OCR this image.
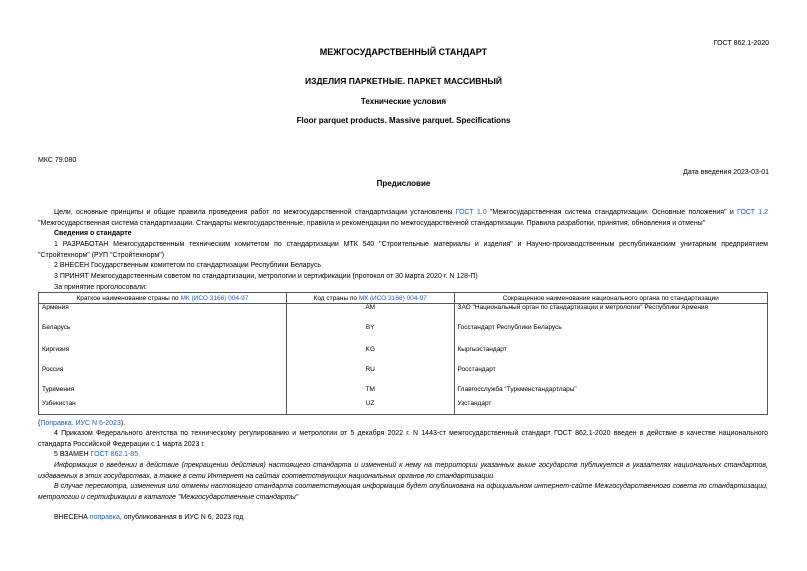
ГОСТ 862.1-2020
МЕЖГОСУДАРСТВЕННЫЙ СТАНДАРТ
ИЗДЕЛИЯ ПАРКЕТНЫЕ. ПАРКЕТ МАССИВНЫЙ
Технические условия
Floor parquet products. Massive parquet. Specifications
МКС 79.080
Дата введения 2023-03-01
Предисловие
Цели, основные принципы и общие правила проведения работ по межгосударственной стандартизации установлены ГОСТ 1.0 "Межгосударственная система стандартизации. Основные положения" и ГОСТ 1.2 "Межгосударственная система стандартизации. Стандарты межгосударственные, правила и рекомендации по межгосударственной стандартизации. Правила разработки, принятия, обновления и отмены"
Сведения о стандарте
1 РАЗРАБОТАН Межгосударственным техническим комитетом по стандартизации МТК 540 "Строительные материалы и изделия" и Научно-производственным республиканским унитарным предприятием "Стройтехнорм" (РУП "Стройтехнорм")
2 ВНЕСЕН Государственным комитетом по стандартизации Республики Беларусь
3 ПРИНЯТ Межгосударственным советом по стандартизации, метрологии и сертификации (протокол от 30 марта 2020 г. N 128-П)
За принятие проголосовали:
Краткое наименование страны по МК (ИСО 3166) 004-97	Код страны по МК (ИСО 3166) 004-97	Сокращенное наименование национального органа по стандартизации
Армения	AM	ЗАО "Национальный орган по стандартизации и метрологии" Республики Армения
Беларусь	BY	Госстандарт Республики Беларусь
Киргизия	KG	Кыргызстандарт
Россия	RU	Росстандарт
Туркмения	TM	Главгосслужба "Туркменстандартлары"
Узбекистан	UZ	Узстандарт
(Поправка. ИУС N 6-2023).
4 Приказом Федерального агентства по техническому регулированию и метрологии от 5 декабря 2022 г. N 1443-ст межгосударственный стандарт ГОСТ 862.1-2020 введен в действие в качестве национального стандарта Российской Федерации с 1 марта 2023 г.
5 ВЗАМЕН ГОСТ 862.1-85
Информация о введении в действие (прекращении действия) настоящего стандарта и изменений к нему на территории указанных выше государств публикуется в указателях национальных стандартов, издаваемых в этих государствах, а также в сети Интернет на сайтах соответствующих национальных органов по стандартизации.
В случае пересмотра, изменения или отмены настоящего стандарта соответствующая информация будет опубликована на официальном интернет-сайте Межгосударственного совета по стандартизации, метрологии и сертификации в каталоге "Межгосударственные стандарты"
ВНЕСЕНА поправка, опубликованная в ИУС N 6, 2023 год
